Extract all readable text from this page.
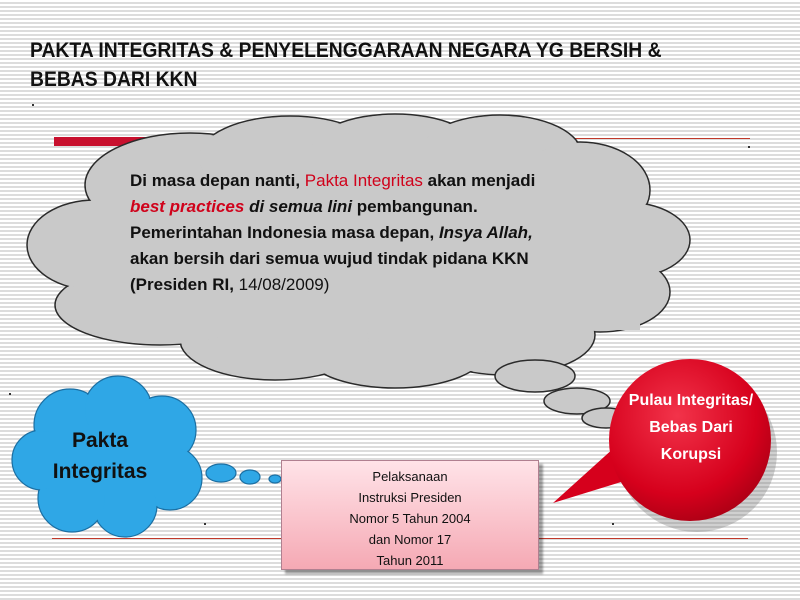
PAKTA INTEGRITAS & PENYELENGGARAAN NEGARA YG BERSIH & BEBAS DARI KKN

Di masa depan nanti, Pakta Integritas akan menjadi best practices di semua lini pembangunan. Pemerintahan Indonesia masa depan, Insya Allah, akan bersih dari semua wujud tindak pidana KKN (Presiden RI, 14/08/2009)

Pakta Integritas
Pulau Integritas/ Bebas Dari Korupsi
Pelaksanaan
Instruksi Presiden
Nomor 5 Tahun 2004
dan Nomor 17
Tahun 2011
